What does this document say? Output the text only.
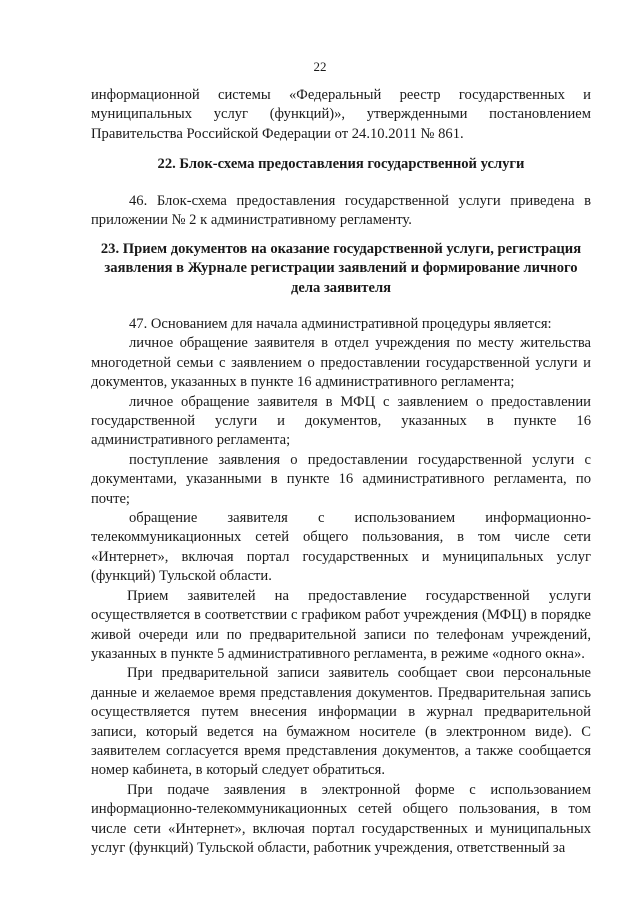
22

информационной системы «Федеральный реестр государственных и

муниципальных услуг (функций)», утвержденными постановлением

Правительства Российской Федерации от 24.10.2011 № 861.

22. Блок-схема предоставления государственной услуги

46. Блок-схема предоставления государственной услуги приведена в приложении № 2 к административному регламенту.

23. Прием документов на оказание государственной услуги, регистрация

заявления в Журнале регистрации заявлений и формирование личного

дела заявителя

47. Основанием для начала административной процедуры является:

личное обращение заявителя в отдел учреждения по месту жительства многодетной семьи с заявлением о предоставлении государственной услуги и документов, указанных в пункте 16 административного регламента;

личное обращение заявителя в МФЦ с заявлением о предоставлении государственной услуги и документов, указанных в пункте 16 административного регламента;

поступление заявления о предоставлении государственной услуги с документами, указанными в пункте 16 административного регламента, по почте;

обращение заявителя с использованием информационно-телекоммуникационных сетей общего пользования, в том числе сети «Интернет», включая портал государственных и муниципальных услуг (функций) Тульской области.

Прием заявителей на предоставление государственной услуги осуществляется в соответствии с графиком работ учреждения (МФЦ) в порядке живой очереди или по предварительной записи по телефонам учреждений, указанных в пункте 5 административного регламента, в режиме «одного окна».

При предварительной записи заявитель сообщает свои персональные данные и желаемое время представления документов. Предварительная запись осуществляется путем внесения информации в журнал предварительной записи, который ведется на бумажном носителе (в электронном виде). С заявителем согласуется время представления документов, а также сообщается номер кабинета, в который следует обратиться.

При подаче заявления в электронной форме с использованием информационно-телекоммуникационных сетей общего пользования, в том числе сети «Интернет», включая портал государственных и муниципальных услуг (функций) Тульской области, работник учреждения, ответственный за
